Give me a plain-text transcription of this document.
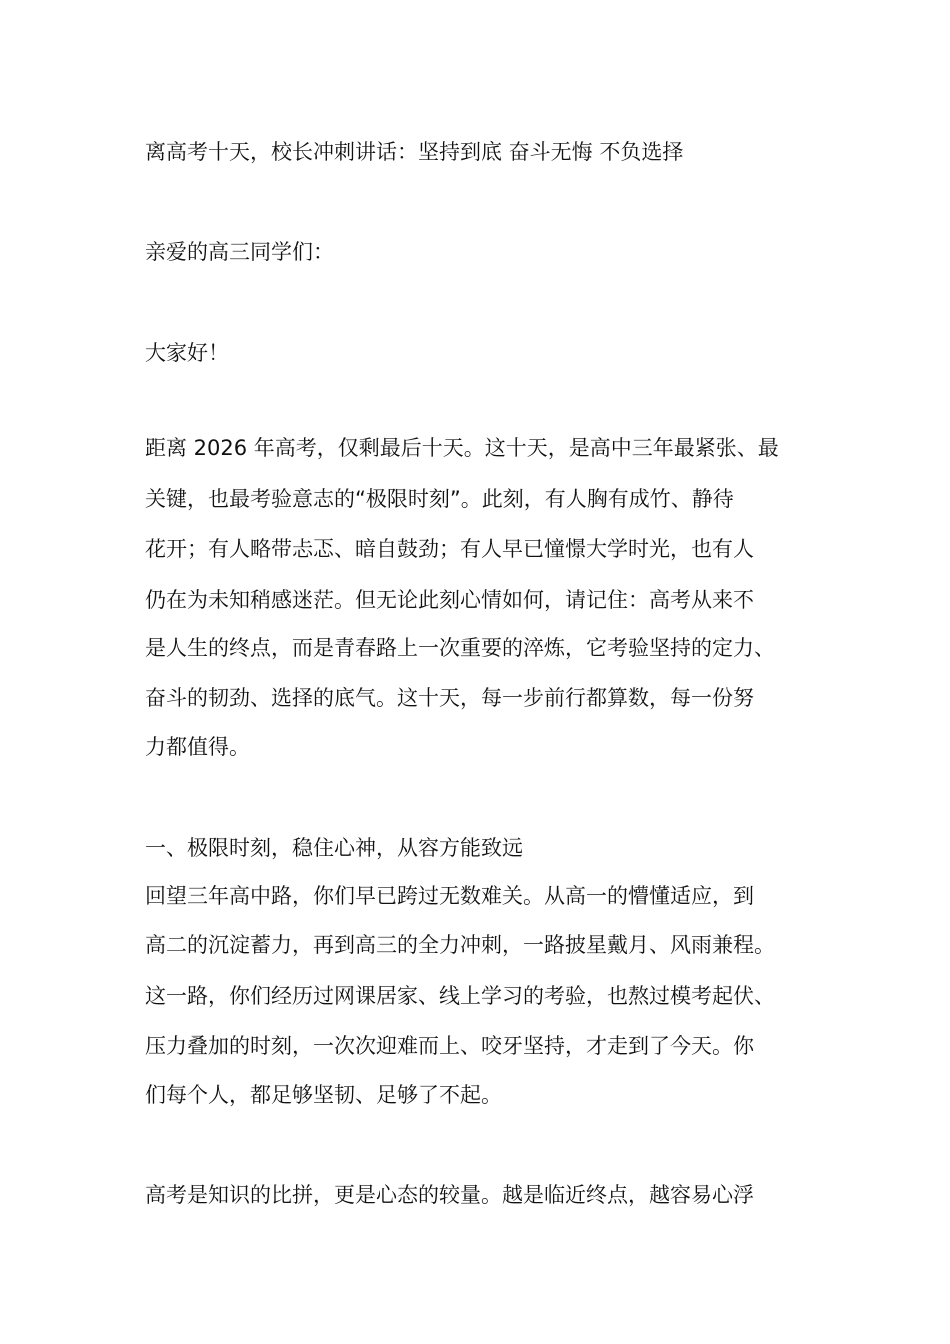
离高考十天，校长冲刺讲话：坚持到底 奋斗无悔 不负选择
亲爱的高三同学们：
大家好！
距离 2026 年高考，仅剩最后十天。这十天，是高中三年最紧张、最
关键，也最考验意志的“极限时刻”。此刻，有人胸有成竹、静待
花开；有人略带忐忑、暗自鼓劲；有人早已憧憬大学时光，也有人
仍在为未知稍感迷茫。但无论此刻心情如何，请记住：高考从来不
是人生的终点，而是青春路上一次重要的淬炼，它考验坚持的定力、
奋斗的韧劲、选择的底气。这十天，每一步前行都算数，每一份努
力都值得。
一、极限时刻，稳住心神，从容方能致远
回望三年高中路，你们早已跨过无数难关。从高一的懵懂适应，到
高二的沉淀蓄力，再到高三的全力冲刺，一路披星戴月、风雨兼程。
这一路，你们经历过网课居家、线上学习的考验，也熬过模考起伏、
压力叠加的时刻，一次次迎难而上、咬牙坚持，才走到了今天。你
们每个人，都足够坚韧、足够了不起。
高考是知识的比拼，更是心态的较量。越是临近终点，越容易心浮
